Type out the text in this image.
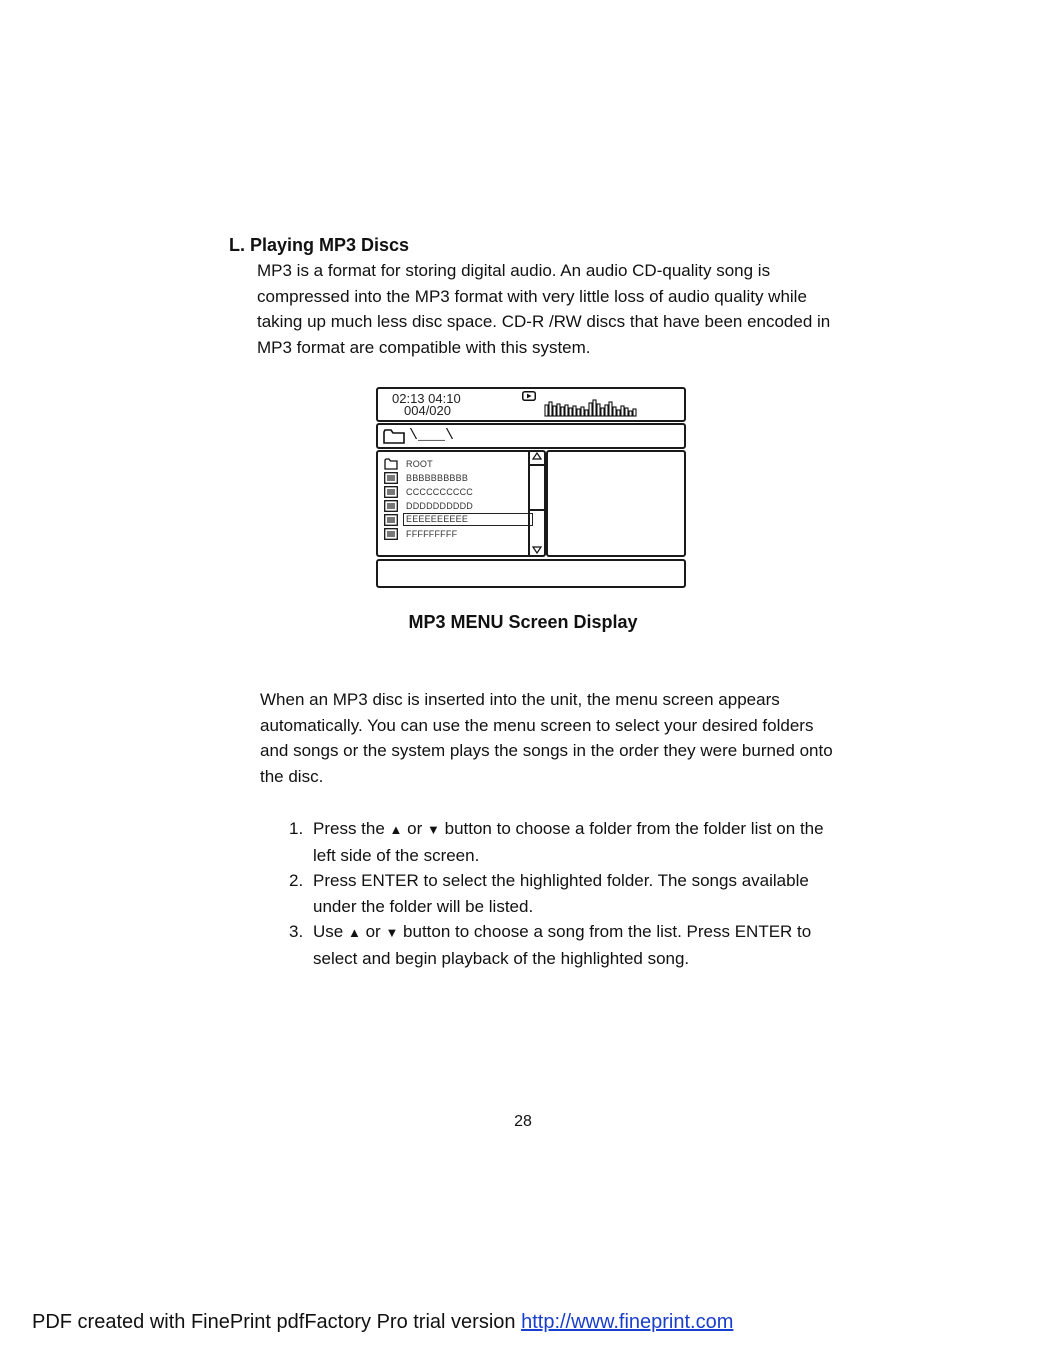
L. Playing MP3 Discs

MP3 is a format for storing digital audio. An audio CD-quality song is compressed into the MP3 format with very little loss of audio quality while taking up much less disc space. CD-R /RW discs that have been encoded in MP3 format are compatible with this system.

02:13 04:10
004/020
\___\
ROOT
BBBBBBBBBB
CCCCCCCCCC
DDDDDDDDDD
EEEEEEEEEE
FFFFFFFFF
MP3 MENU Screen Display

When an MP3 disc is inserted into the unit, the menu screen appears automatically. You can use the menu screen to select your desired folders and songs or the system plays the songs in the order they were burned onto the disc.

1. Press the ▲ or ▼ button to choose a folder from the folder list on the left side of the screen.
2. Press ENTER to select the highlighted folder. The songs available under the folder will be listed.
3. Use ▲ or ▼ button to choose a song from the list. Press ENTER to select and begin playback of the highlighted song.
28
PDF created with FinePrint pdfFactory Pro trial version http://www.fineprint.com
